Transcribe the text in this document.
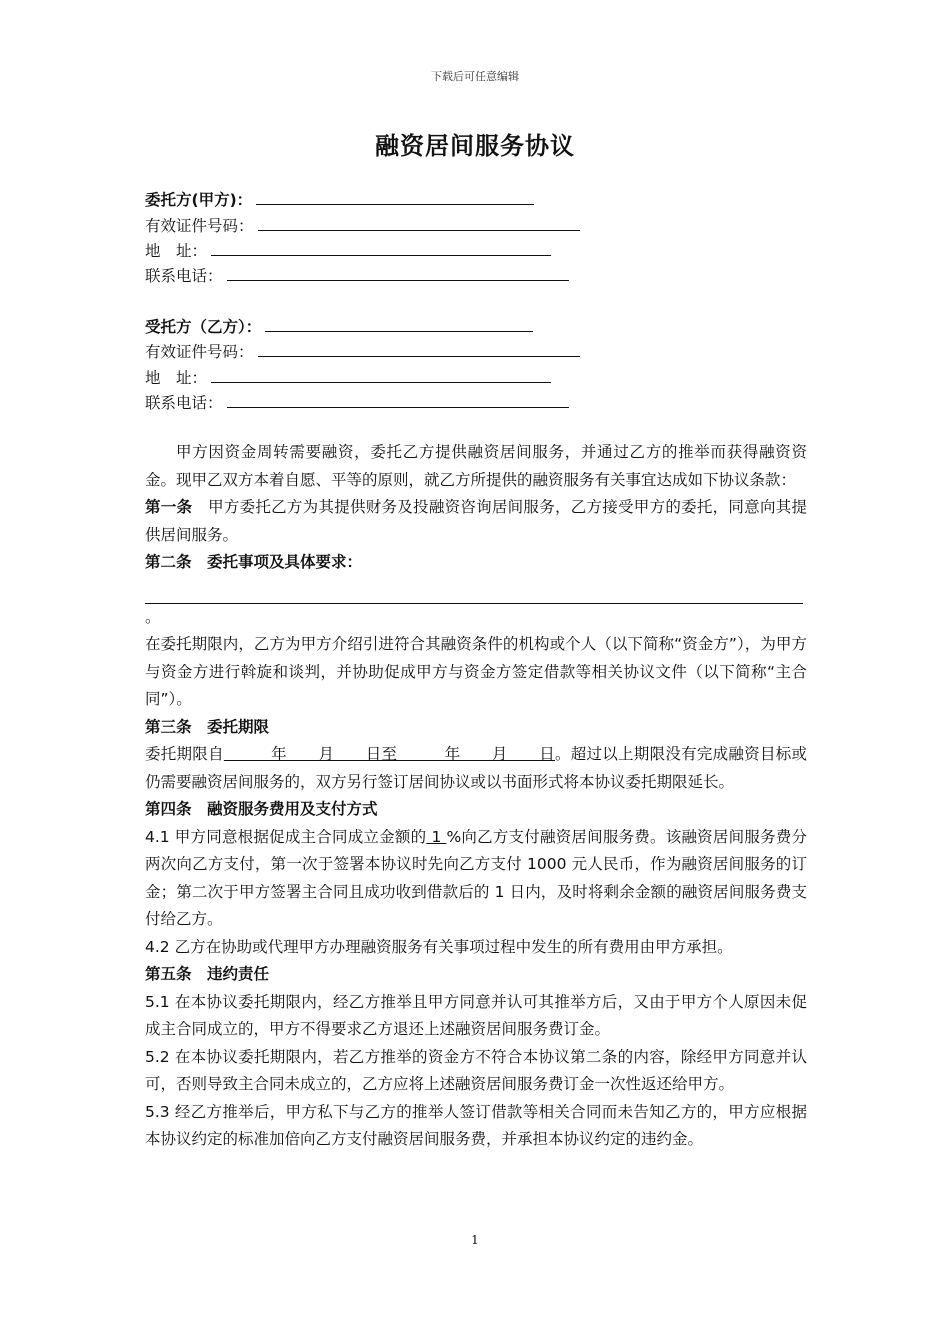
下载后可任意编辑
融资居间服务协议
委托方(甲方)：
有效证件号码：
地　址：
联系电话：
受托方（乙方）：
有效证件号码：
地　址：
联系电话：

甲方因资金周转需要融资，委托乙方提供融资居间服务，并通过乙方的推举而获得融资资金。现甲乙双方本着自愿、平等的原则，就乙方所提供的融资服务有关事宜达成如下协议条款：

第一条　甲方委托乙方为其提供财务及投融资咨询居间服务，乙方接受甲方的委托，同意向其提供居间服务。

第二条　委托事项及具体要求：

。

在委托期限内，乙方为甲方介绍引进符合其融资条件的机构或个人（以下简称“资金方”），为甲方与资金方进行斡旋和谈判，并协助促成甲方与资金方签定借款等相关协议文件（以下简称“主合同”）。

第三条　委托期限

委托期限自　　　年　　月　　日至　　　年　　月　　日。超过以上期限没有完成融资目标或仍需要融资居间服务的，双方另行签订居间协议或以书面形式将本协议委托期限延长。

第四条　融资服务费用及支付方式

4.1 甲方同意根据促成主合同成立金额的 1 %向乙方支付融资居间服务费。该融资居间服务费分两次向乙方支付，第一次于签署本协议时先向乙方支付 1000 元人民币，作为融资居间服务的订金；第二次于甲方签署主合同且成功收到借款后的 1 日内，及时将剩余金额的融资居间服务费支付给乙方。

4.2 乙方在协助或代理甲方办理融资服务有关事项过程中发生的所有费用由甲方承担。

第五条　违约责任

5.1 在本协议委托期限内，经乙方推举且甲方同意并认可其推举方后，又由于甲方个人原因未促成主合同成立的，甲方不得要求乙方退还上述融资居间服务费订金。

5.2 在本协议委托期限内，若乙方推举的资金方不符合本协议第二条的内容，除经甲方同意并认可，否则导致主合同未成立的，乙方应将上述融资居间服务费订金一次性返还给甲方。

5.3 经乙方推举后，甲方私下与乙方的推举人签订借款等相关合同而未告知乙方的，甲方应根据本协议约定的标准加倍向乙方支付融资居间服务费，并承担本协议约定的违约金。

1
